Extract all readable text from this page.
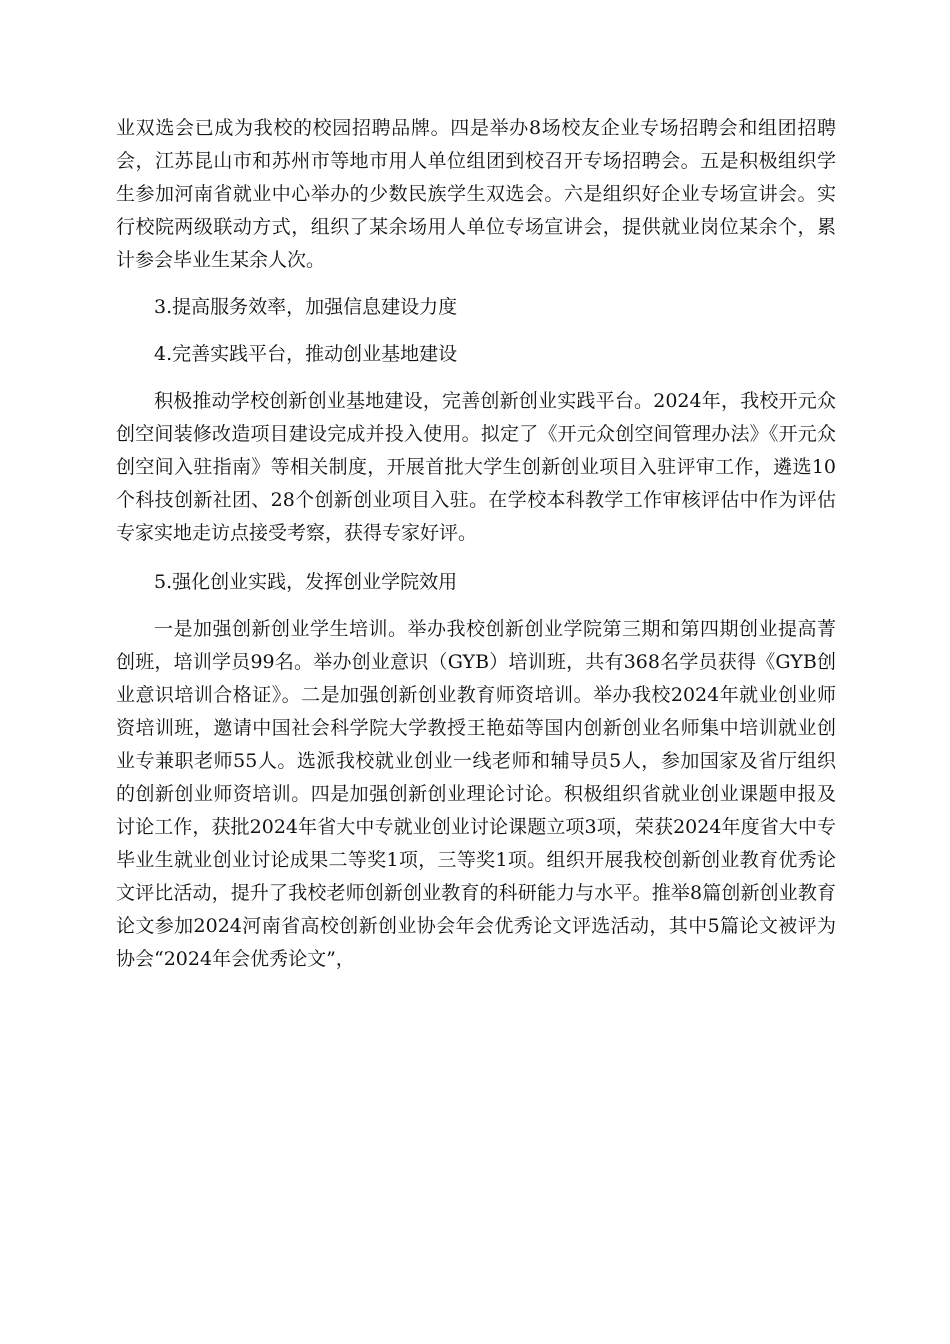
业双选会已成为我校的校园招聘品牌。四是举办8场校友企业专场招聘会和组团招聘会，江苏昆山市和苏州市等地市用人单位组团到校召开专场招聘会。五是积极组织学生参加河南省就业中心举办的少数民族学生双选会。六是组织好企业专场宣讲会。实行校院两级联动方式，组织了某余场用人单位专场宣讲会，提供就业岗位某余个，累计参会毕业生某余人次。

3.提高服务效率，加强信息建设力度

4.完善实践平台，推动创业基地建设

积极推动学校创新创业基地建设，完善创新创业实践平台。2024年，我校开元众创空间装修改造项目建设完成并投入使用。拟定了《开元众创空间管理办法》《开元众创空间入驻指南》等相关制度，开展首批大学生创新创业项目入驻评审工作，遴选10个科技创新社团、28个创新创业项目入驻。在学校本科教学工作审核评估中作为评估专家实地走访点接受考察，获得专家好评。

5.强化创业实践，发挥创业学院效用

一是加强创新创业学生培训。举办我校创新创业学院第三期和第四期创业提高菁创班，培训学员99名。举办创业意识（GYB）培训班，共有368名学员获得《GYB创业意识培训合格证》。二是加强创新创业教育师资培训。举办我校2024年就业创业师资培训班，邀请中国社会科学院大学教授王艳茹等国内创新创业名师集中培训就业创业专兼职老师55人。选派我校就业创业一线老师和辅导员5人，参加国家及省厅组织的创新创业师资培训。四是加强创新创业理论讨论。积极组织省就业创业课题申报及讨论工作，获批2024年省大中专就业创业讨论课题立项3项，荣获2024年度省大中专毕业生就业创业讨论成果二等奖1项，三等奖1项。组织开展我校创新创业教育优秀论文评比活动，提升了我校老师创新创业教育的科研能力与水平。推举8篇创新创业教育论文参加2024河南省高校创新创业协会年会优秀论文评选活动，其中5篇论文被评为协会“2024年会优秀论文”，
